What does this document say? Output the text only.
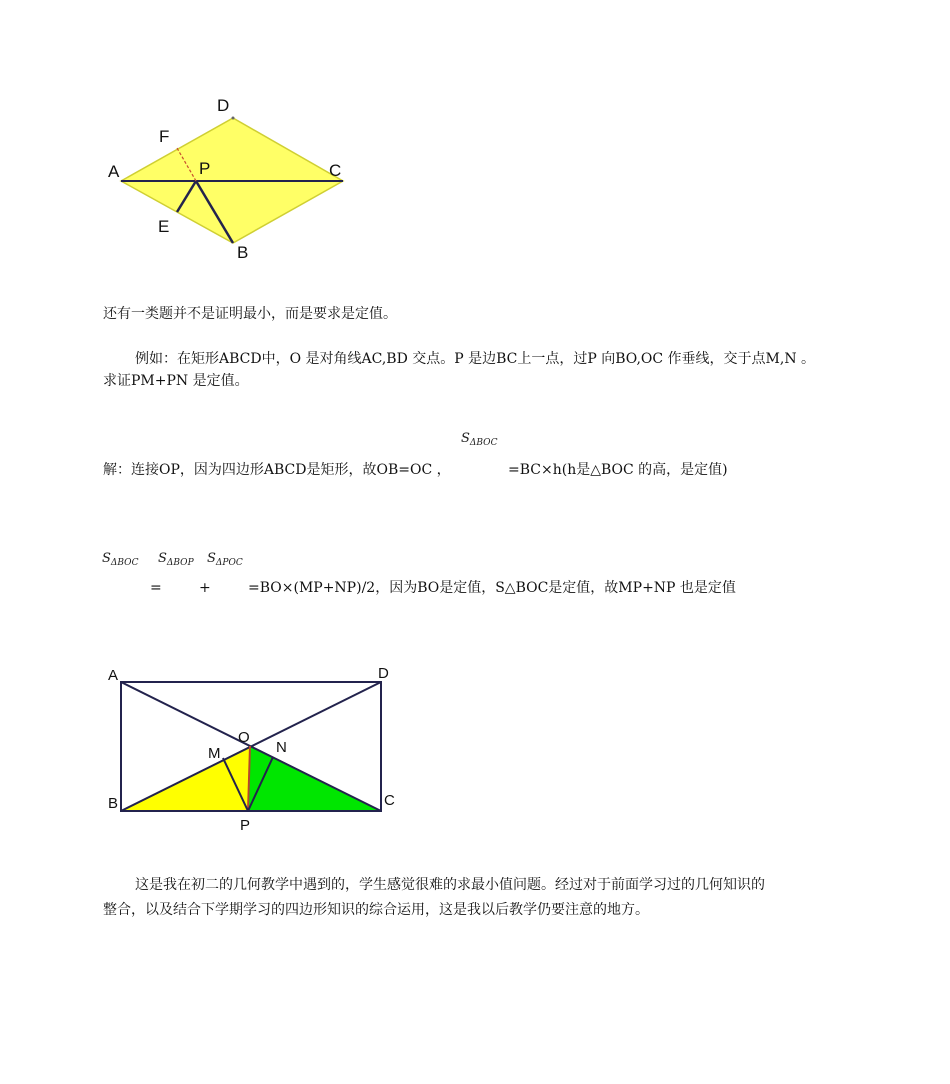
D
F
A	P	C
E
B
还有一类题并不是证明最小，而是要求是定值。
例如：在矩形ABCD中，O 是对角线AC,BD 交点。P 是边BC上一点，过P 向BO,OC 作垂线，交于点M,N 。
求证PM+PN 是定值。
$S_{\Delta BOC}$
解：连接OP，因为四边形ABCD是矩形，故OB=OC ，	=BC×h(h是△BOC 的高，是定值)
$S_{\Delta BOC}$ $S_{\Delta BOP}$ $S_{\Delta POC}$
=	+	=BO×(MP+NP)/2，因为BO是定值，S△BOC是定值，故MP+NP 也是定值
A	D
O
M	N
B	C
P
这是我在初二的几何教学中遇到的，学生感觉很难的求最小值问题。经过对于前面学习过的几何知识的
整合，以及结合下学期学习的四边形知识的综合运用，这是我以后教学仍要注意的地方。
